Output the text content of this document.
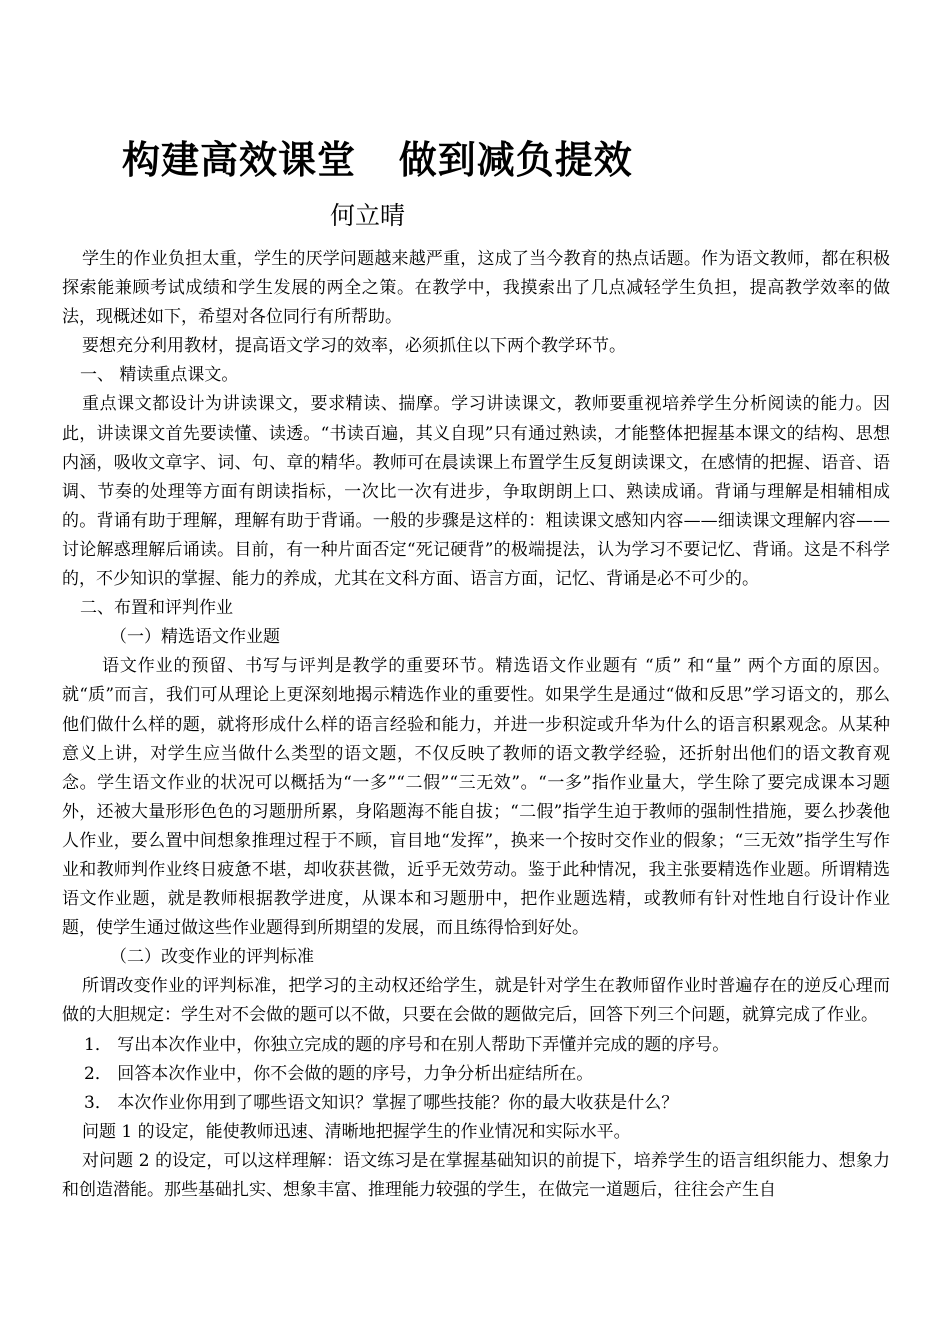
构建高效课堂   做到减负提效
何立晴

学生的作业负担太重，学生的厌学问题越来越严重，这成了当今教育的热点话题。作为语文教师，都在积极探索能兼顾考试成绩和学生发展的两全之策。在教学中，我摸索出了几点减轻学生负担，提高教学效率的做法，现概述如下，希望对各位同行有所帮助。

要想充分利用教材，提高语文学习的效率，必须抓住以下两个教学环节。

一、 精读重点课文。

重点课文都设计为讲读课文，要求精读、揣摩。学习讲读课文，教师要重视培养学生分析阅读的能力。因此，讲读课文首先要读懂、读透。“书读百遍，其义自现”只有通过熟读，才能整体把握基本课文的结构、思想内涵，吸收文章字、词、句、章的精华。教师可在晨读课上布置学生反复朗读课文，在感情的把握、语音、语调、节奏的处理等方面有朗读指标，一次比一次有进步，争取朗朗上口、熟读成诵。背诵与理解是相辅相成的。背诵有助于理解，理解有助于背诵。一般的步骤是这样的：粗读课文感知内容——细读课文理解内容——讨论解惑理解后诵读。目前，有一种片面否定“死记硬背”的极端提法，认为学习不要记忆、背诵。这是不科学的，不少知识的掌握、能力的养成，尤其在文科方面、语言方面，记忆、背诵是必不可少的。

二、布置和评判作业

（一）精选语文作业题

语文作业的预留、书写与评判是教学的重要环节。精选语文作业题有 “质” 和“量” 两个方面的原因。就“质”而言，我们可从理论上更深刻地揭示精选作业的重要性。如果学生是通过“做和反思”学习语文的，那么他们做什么样的题，就将形成什么样的语言经验和能力，并进一步积淀或升华为什么的语言积累观念。从某种意义上讲，对学生应当做什么类型的语文题，不仅反映了教师的语文教学经验，还折射出他们的语文教育观念。学生语文作业的状况可以概括为“一多”“二假”“三无效”。“一多”指作业量大，学生除了要完成课本习题外，还被大量形形色色的习题册所累，身陷题海不能自拔；“二假”指学生迫于教师的强制性措施，要么抄袭他人作业，要么置中间想象推理过程于不顾，盲目地“发挥”，换来一个按时交作业的假象；“三无效”指学生写作业和教师判作业终日疲惫不堪，却收获甚微，近乎无效劳动。鉴于此种情况，我主张要精选作业题。所谓精选语文作业题，就是教师根据教学进度，从课本和习题册中，把作业题选精，或教师有针对性地自行设计作业题，使学生通过做这些作业题得到所期望的发展，而且练得恰到好处。

（二）改变作业的评判标准

所谓改变作业的评判标准，把学习的主动权还给学生，就是针对学生在教师留作业时普遍存在的逆反心理而做的大胆规定：学生对不会做的题可以不做，只要在会做的题做完后，回答下列三个问题，就算完成了作业。

1． 写出本次作业中，你独立完成的题的序号和在别人帮助下弄懂并完成的题的序号。

2． 回答本次作业中，你不会做的题的序号，力争分析出症结所在。

3． 本次作业你用到了哪些语文知识？掌握了哪些技能？你的最大收获是什么？

问题 1 的设定，能使教师迅速、清晰地把握学生的作业情况和实际水平。

对问题 2 的设定，可以这样理解：语文练习是在掌握基础知识的前提下，培养学生的语言组织能力、想象力和创造潜能。那些基础扎实、想象丰富、推理能力较强的学生，在做完一道题后，往往会产生自
